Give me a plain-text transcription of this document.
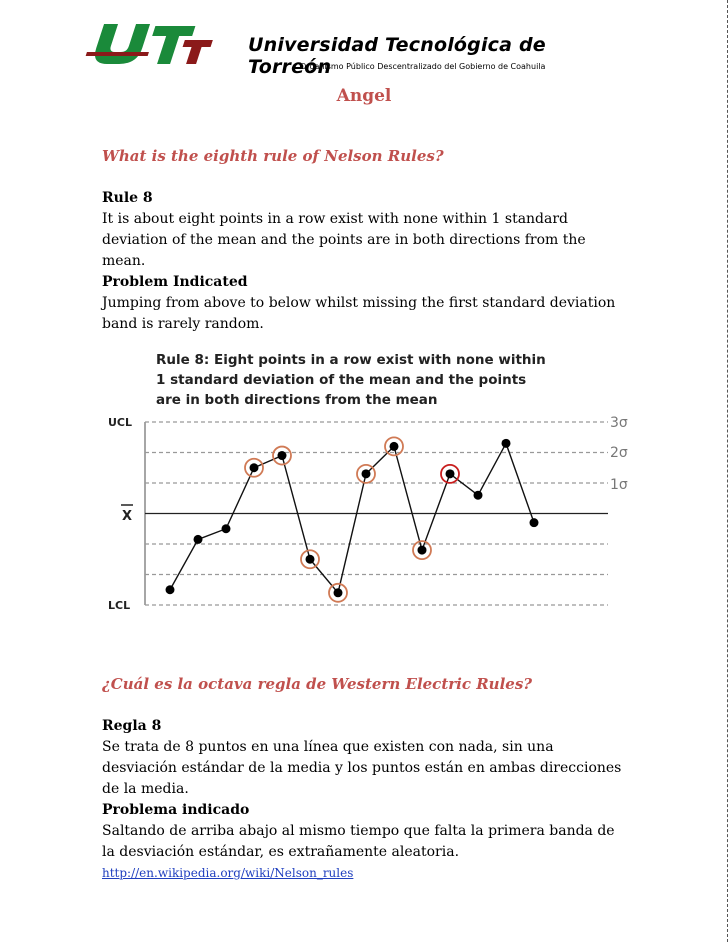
Universidad Tecnológica de Torreón
Organismo Público Descentralizado del Gobierno de Coahuila
Angel
What is the eighth rule of Nelson Rules?
Rule 8
It is about eight points in a row exist with none within 1 standard deviation of the mean and the points are in both directions from the mean.
Problem Indicated
Jumping from above to below whilst missing the first standard deviation band is rarely random.
Rule 8: Eight points in a row exist with none within
1 standard deviation of the mean and the points
are in both directions from the mean
UCL
X
LCL
3σ
2σ
1σ
¿Cuál es la octava regla de Western Electric Rules?
Regla 8
Se trata de 8 puntos en una línea que existen con nada, sin una desviación estándar de la media y los puntos están en ambas direcciones de la media.
Problema indicado
Saltando de arriba abajo al mismo tiempo que falta la primera banda de la desviación estándar, es extrañamente aleatoria.
http://en.wikipedia.org/wiki/Nelson_rules
